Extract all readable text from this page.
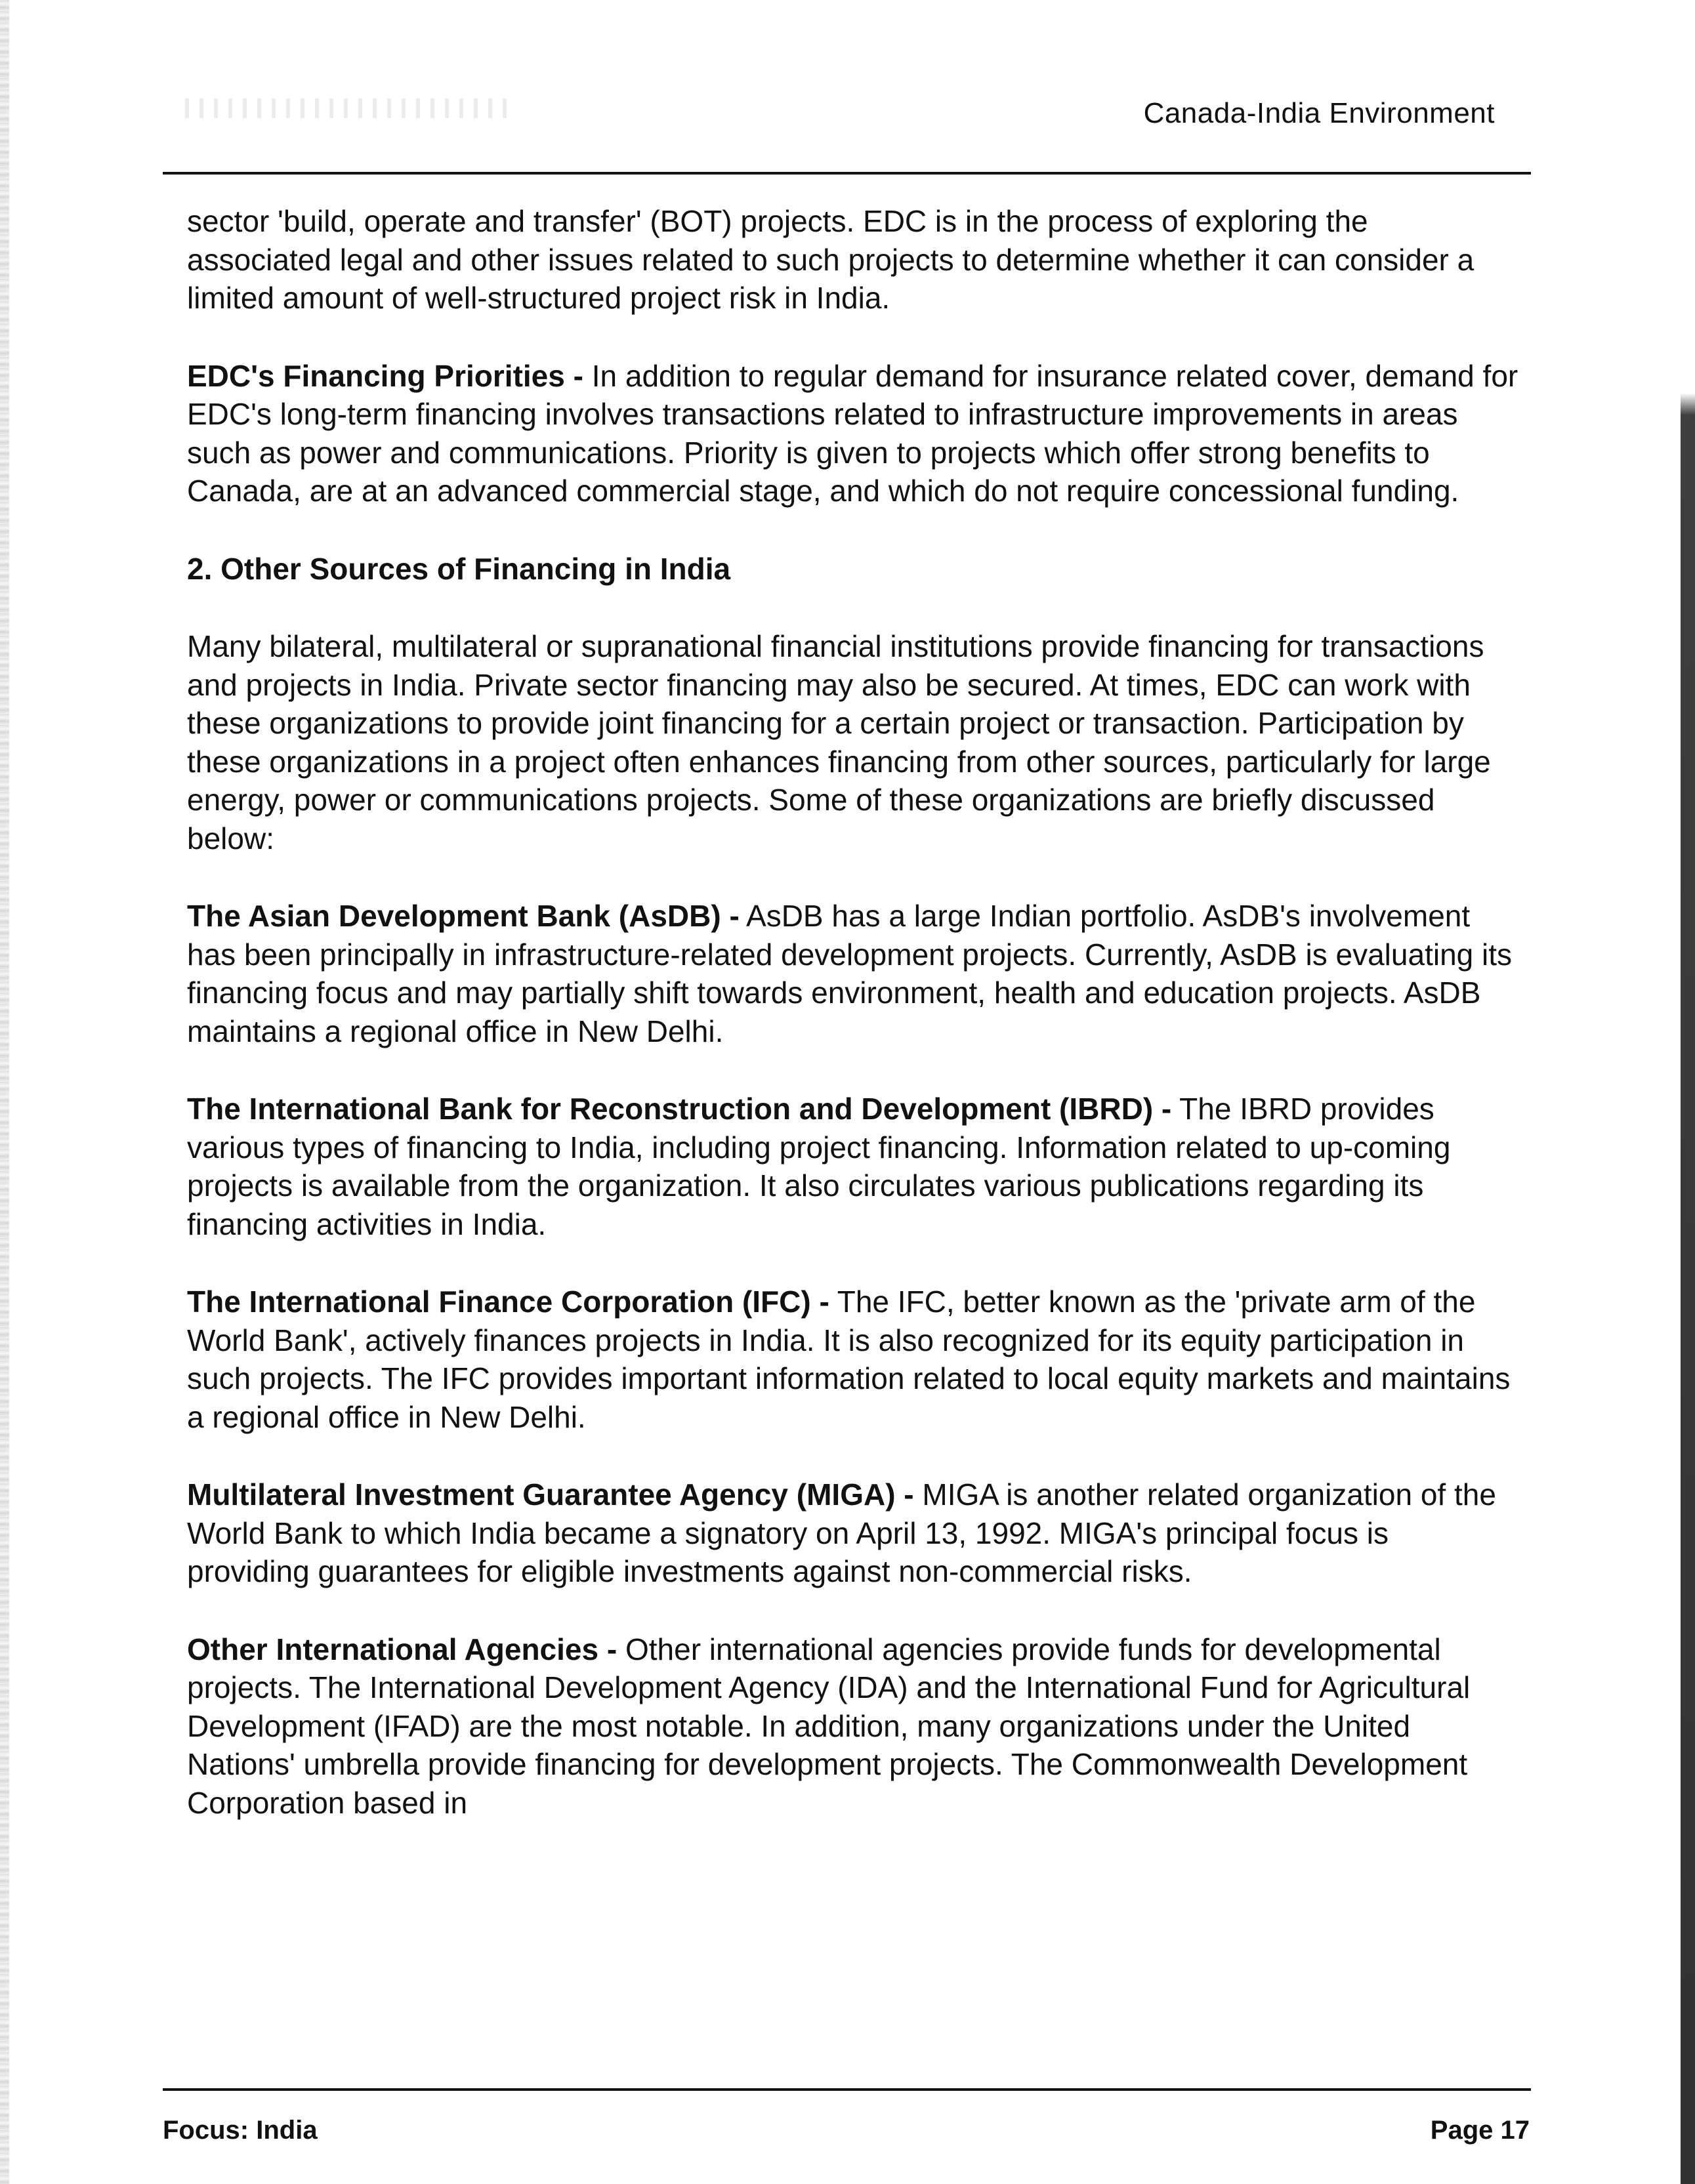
Canada-India Environment

sector 'build, operate and transfer' (BOT) projects. EDC is in the process of exploring the associated legal and other issues related to such projects to determine whether it can consider a limited amount of well-structured project risk in India.

EDC's Financing Priorities - In addition to regular demand for insurance related cover, demand for EDC's long-term financing involves transactions related to infrastructure improvements in areas such as power and communications. Priority is given to projects which offer strong benefits to Canada, are at an advanced commercial stage, and which do not require concessional funding.

2. Other Sources of Financing in India

Many bilateral, multilateral or supranational financial institutions provide financing for transactions and projects in India. Private sector financing may also be secured. At times, EDC can work with these organizations to provide joint financing for a certain project or transaction. Participation by these organizations in a project often enhances financing from other sources, particularly for large energy, power or communications projects. Some of these organizations are briefly discussed below:

The Asian Development Bank (AsDB) - AsDB has a large Indian portfolio. AsDB's involvement has been principally in infrastructure-related development projects. Currently, AsDB is evaluating its financing focus and may partially shift towards environment, health and education projects. AsDB maintains a regional office in New Delhi.

The International Bank for Reconstruction and Development (IBRD) - The IBRD provides various types of financing to India, including project financing. Information related to up-coming projects is available from the organization. It also circulates various publications regarding its financing activities in India.

The International Finance Corporation (IFC) - The IFC, better known as the 'private arm of the World Bank', actively finances projects in India. It is also recognized for its equity participation in such projects. The IFC provides important information related to local equity markets and maintains a regional office in New Delhi.

Multilateral Investment Guarantee Agency (MIGA) - MIGA is another related organization of the World Bank to which India became a signatory on April 13, 1992. MIGA's principal focus is providing guarantees for eligible investments against non-commercial risks.

Other International Agencies - Other international agencies provide funds for developmental projects. The International Development Agency (IDA) and the International Fund for Agricultural Development (IFAD) are the most notable. In addition, many organizations under the United Nations' umbrella provide financing for development projects. The Commonwealth Development Corporation based in

Focus: India	Page 17
